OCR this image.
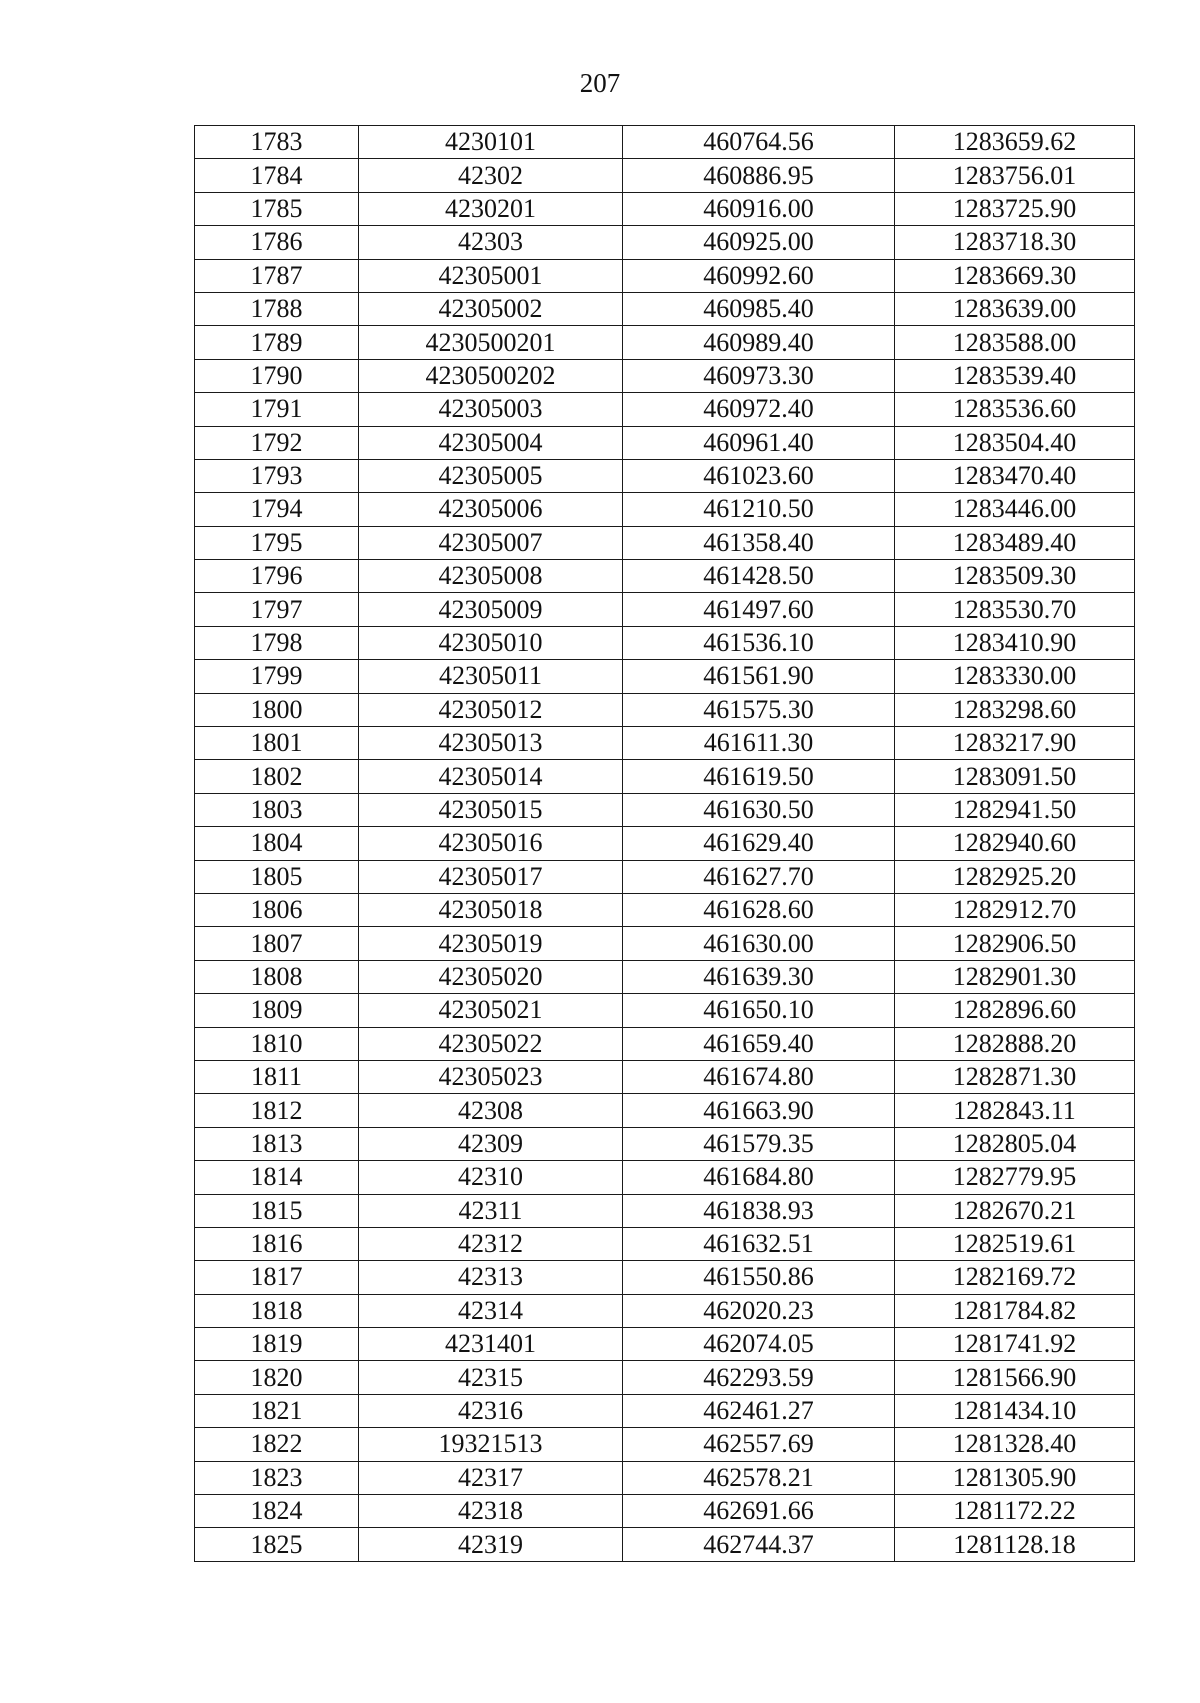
207
1783	4230101	460764.56	1283659.62
1784	42302	460886.95	1283756.01
1785	4230201	460916.00	1283725.90
1786	42303	460925.00	1283718.30
1787	42305001	460992.60	1283669.30
1788	42305002	460985.40	1283639.00
1789	4230500201	460989.40	1283588.00
1790	4230500202	460973.30	1283539.40
1791	42305003	460972.40	1283536.60
1792	42305004	460961.40	1283504.40
1793	42305005	461023.60	1283470.40
1794	42305006	461210.50	1283446.00
1795	42305007	461358.40	1283489.40
1796	42305008	461428.50	1283509.30
1797	42305009	461497.60	1283530.70
1798	42305010	461536.10	1283410.90
1799	42305011	461561.90	1283330.00
1800	42305012	461575.30	1283298.60
1801	42305013	461611.30	1283217.90
1802	42305014	461619.50	1283091.50
1803	42305015	461630.50	1282941.50
1804	42305016	461629.40	1282940.60
1805	42305017	461627.70	1282925.20
1806	42305018	461628.60	1282912.70
1807	42305019	461630.00	1282906.50
1808	42305020	461639.30	1282901.30
1809	42305021	461650.10	1282896.60
1810	42305022	461659.40	1282888.20
1811	42305023	461674.80	1282871.30
1812	42308	461663.90	1282843.11
1813	42309	461579.35	1282805.04
1814	42310	461684.80	1282779.95
1815	42311	461838.93	1282670.21
1816	42312	461632.51	1282519.61
1817	42313	461550.86	1282169.72
1818	42314	462020.23	1281784.82
1819	4231401	462074.05	1281741.92
1820	42315	462293.59	1281566.90
1821	42316	462461.27	1281434.10
1822	19321513	462557.69	1281328.40
1823	42317	462578.21	1281305.90
1824	42318	462691.66	1281172.22
1825	42319	462744.37	1281128.18
